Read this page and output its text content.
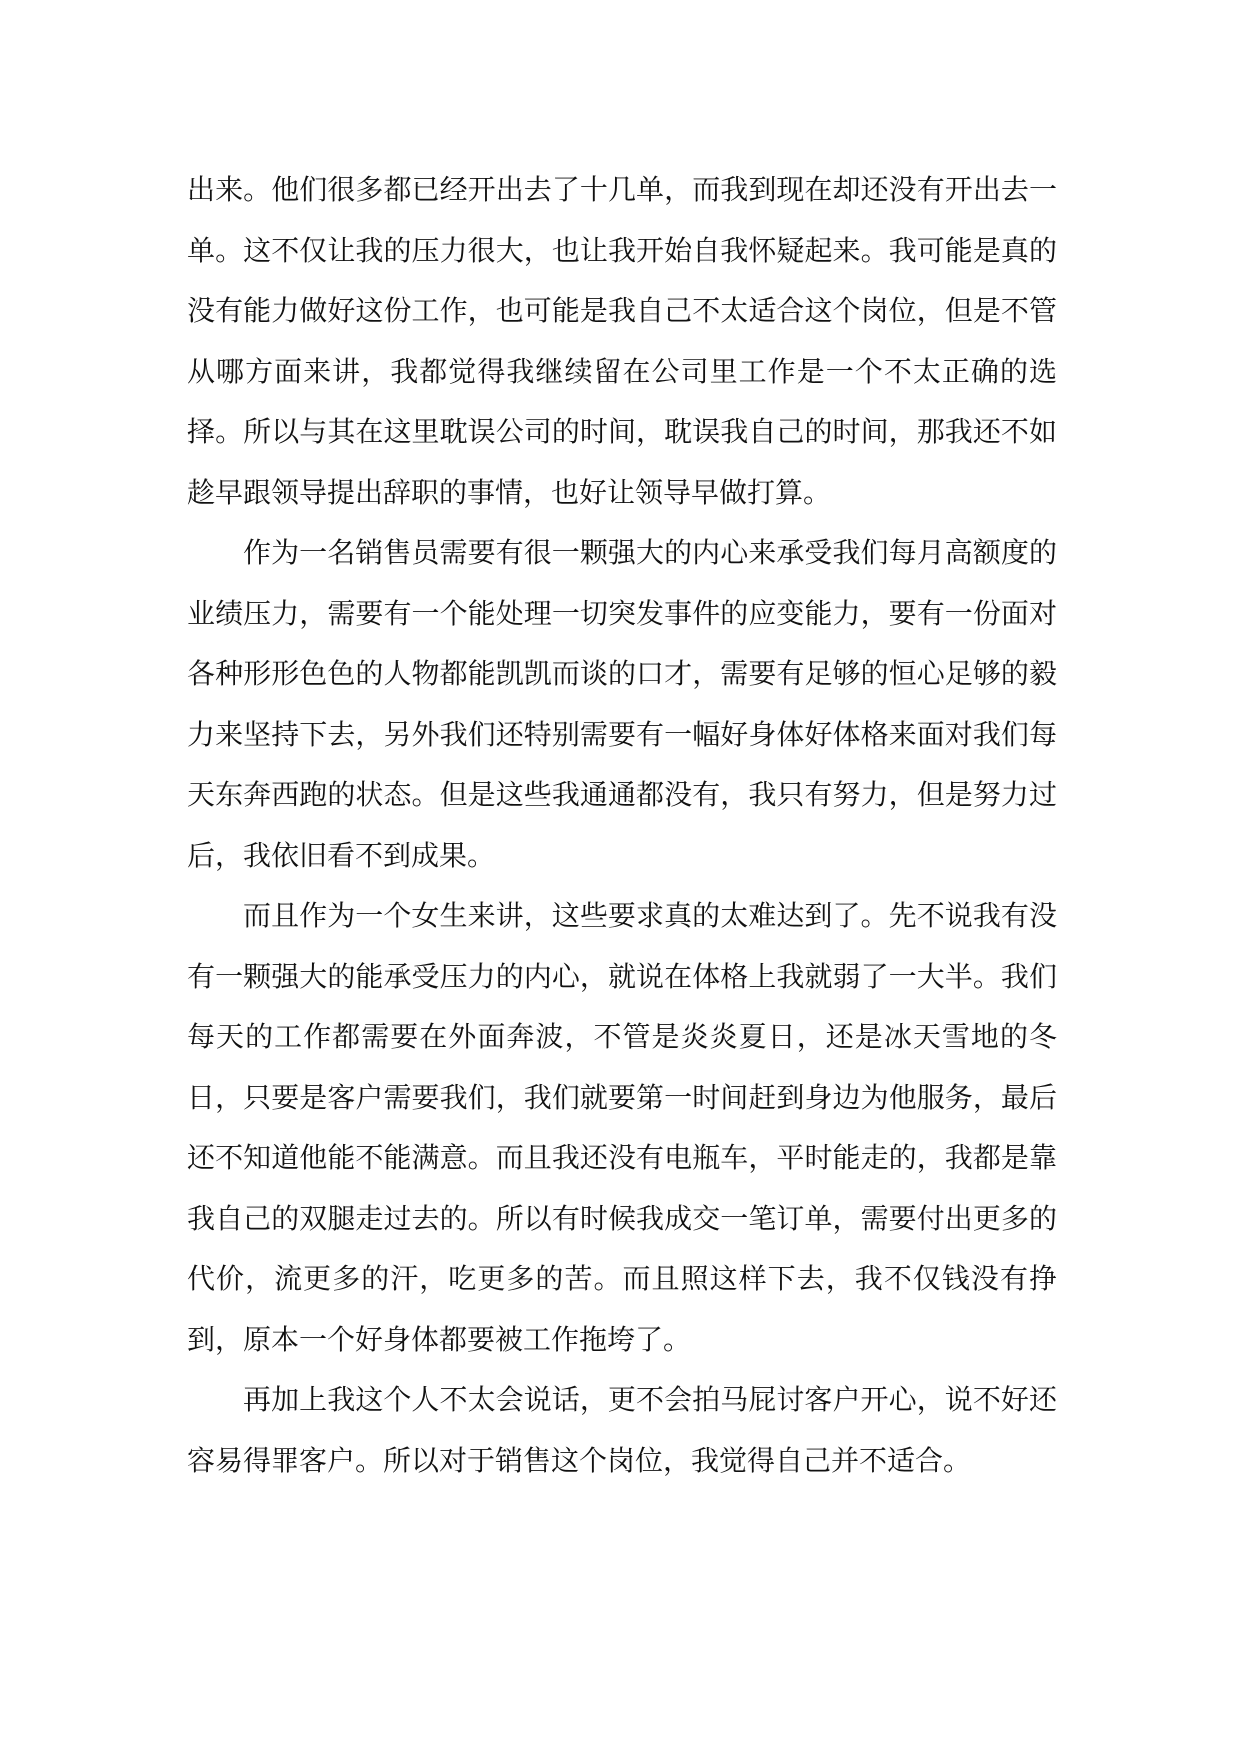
出来。他们很多都已经开出去了十几单，而我到现在却还没有开出去一单。这不仅让我的压力很大，也让我开始自我怀疑起来。我可能是真的没有能力做好这份工作，也可能是我自己不太适合这个岗位，但是不管从哪方面来讲，我都觉得我继续留在公司里工作是一个不太正确的选择。所以与其在这里耽误公司的时间，耽误我自己的时间，那我还不如趁早跟领导提出辞职的事情，也好让领导早做打算。

作为一名销售员需要有很一颗强大的内心来承受我们每月高额度的业绩压力，需要有一个能处理一切突发事件的应变能力，要有一份面对各种形形色色的人物都能凯凯而谈的口才，需要有足够的恒心足够的毅力来坚持下去，另外我们还特别需要有一幅好身体好体格来面对我们每天东奔西跑的状态。但是这些我通通都没有，我只有努力，但是努力过后，我依旧看不到成果。

而且作为一个女生来讲，这些要求真的太难达到了。先不说我有没有一颗强大的能承受压力的内心，就说在体格上我就弱了一大半。我们每天的工作都需要在外面奔波，不管是炎炎夏日，还是冰天雪地的冬日，只要是客户需要我们，我们就要第一时间赶到身边为他服务，最后还不知道他能不能满意。而且我还没有电瓶车，平时能走的，我都是靠我自己的双腿走过去的。所以有时候我成交一笔订单，需要付出更多的代价，流更多的汗，吃更多的苦。而且照这样下去，我不仅钱没有挣到，原本一个好身体都要被工作拖垮了。

再加上我这个人不太会说话，更不会拍马屁讨客户开心，说不好还容易得罪客户。所以对于销售这个岗位，我觉得自己并不适合。
